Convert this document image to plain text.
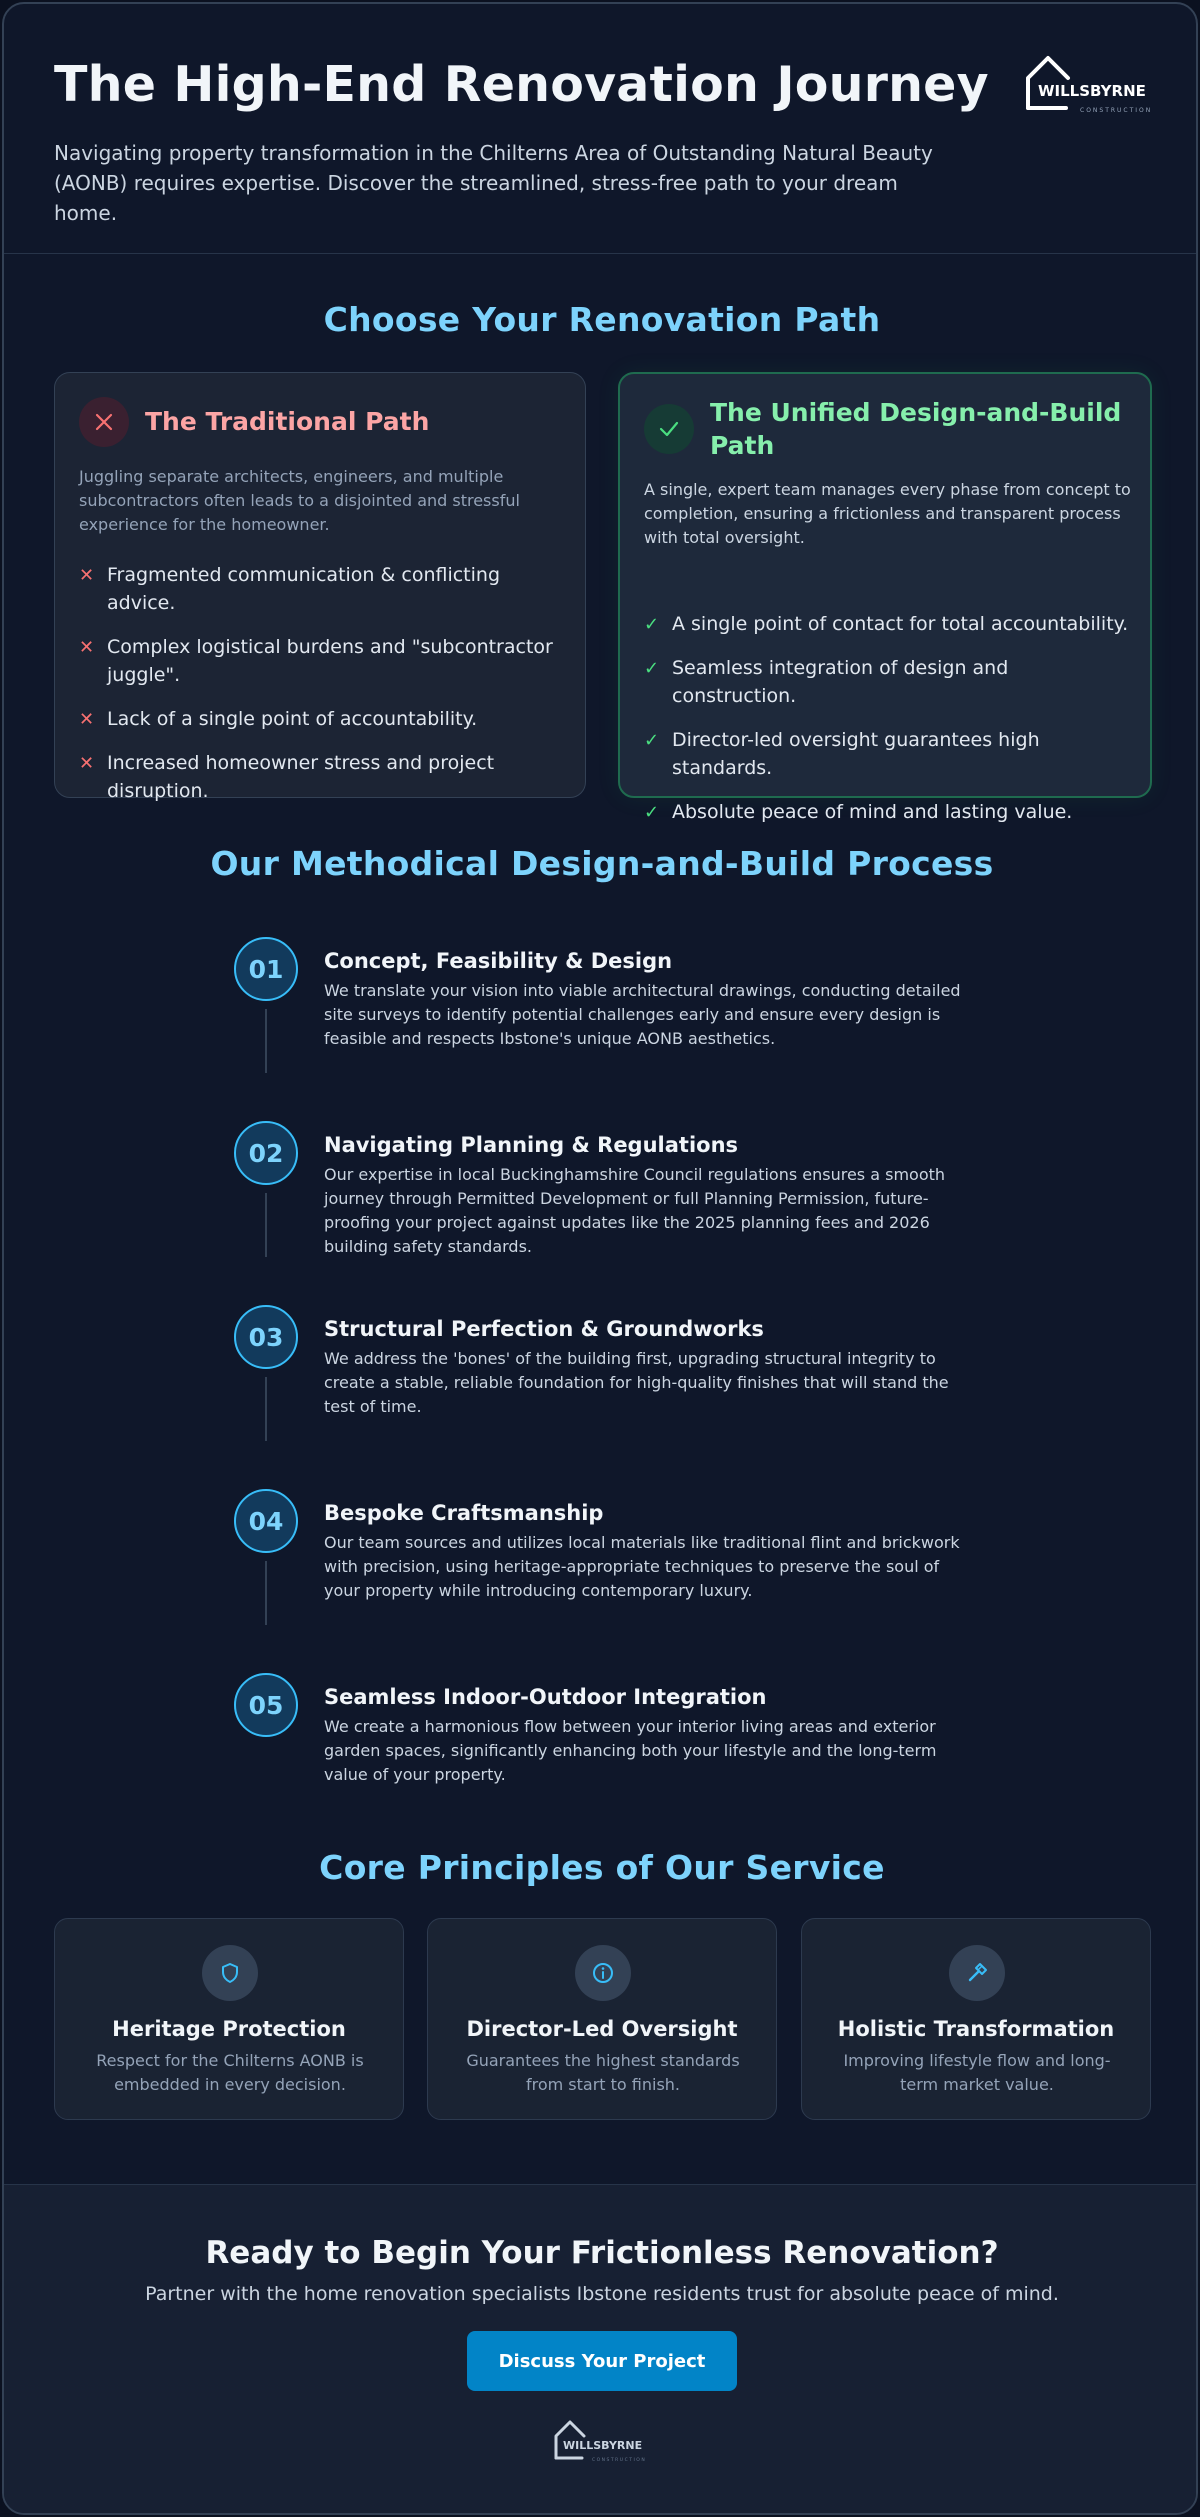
The High-End Renovation Journey

Navigating property transformation in the Chilterns Area of Outstanding Natural Beauty (AONB) requires expertise. Discover the streamlined, stress-free path to your dream home.

WILLSBYRNE
CONSTRUCTION
Choose Your Renovation Path
The Traditional Path

Juggling separate architects, engineers, and multiple subcontractors often leads to a disjointed and stressful experience for the homeowner.

✕ Fragmented communication & conflicting advice.
✕ Complex logistical burdens and "subcontractor juggle".
✕ Lack of a single point of accountability.
✕ Increased homeowner stress and project disruption.
The Unified Design-and-Build Path

A single, expert team manages every phase from concept to completion, ensuring a frictionless and transparent process with total oversight.

✓ A single point of contact for total accountability.
✓ Seamless integration of design and construction.
✓ Director-led oversight guarantees high standards.
✓ Absolute peace of mind and lasting value.
Our Methodical Design-and-Build Process
01	Concept, Feasibility & Design
We translate your vision into viable architectural drawings, conducting detailed site surveys to identify potential challenges early and ensure every design is feasible and respects Ibstone's unique AONB aesthetics.
02	Navigating Planning & Regulations
Our expertise in local Buckinghamshire Council regulations ensures a smooth journey through Permitted Development or full Planning Permission, future-proofing your project against updates like the 2025 planning fees and 2026 building safety standards.
03	Structural Perfection & Groundworks
We address the 'bones' of the building first, upgrading structural integrity to create a stable, reliable foundation for high-quality finishes that will stand the test of time.
04	Bespoke Craftsmanship
Our team sources and utilizes local materials like traditional flint and brickwork with precision, using heritage-appropriate techniques to preserve the soul of your property while introducing contemporary luxury.
05	Seamless Indoor-Outdoor Integration
We create a harmonious flow between your interior living areas and exterior garden spaces, significantly enhancing both your lifestyle and the long-term value of your property.
Core Principles of Our Service
Heritage Protection
Respect for the Chilterns AONB is embedded in every decision.
Director-Led Oversight
Guarantees the highest standards from start to finish.
Holistic Transformation
Improving lifestyle flow and long-term market value.
Ready to Begin Your Frictionless Renovation?

Partner with the home renovation specialists Ibstone residents trust for absolute peace of mind.

Discuss Your Project
WILLSBYRNE
CONSTRUCTION
